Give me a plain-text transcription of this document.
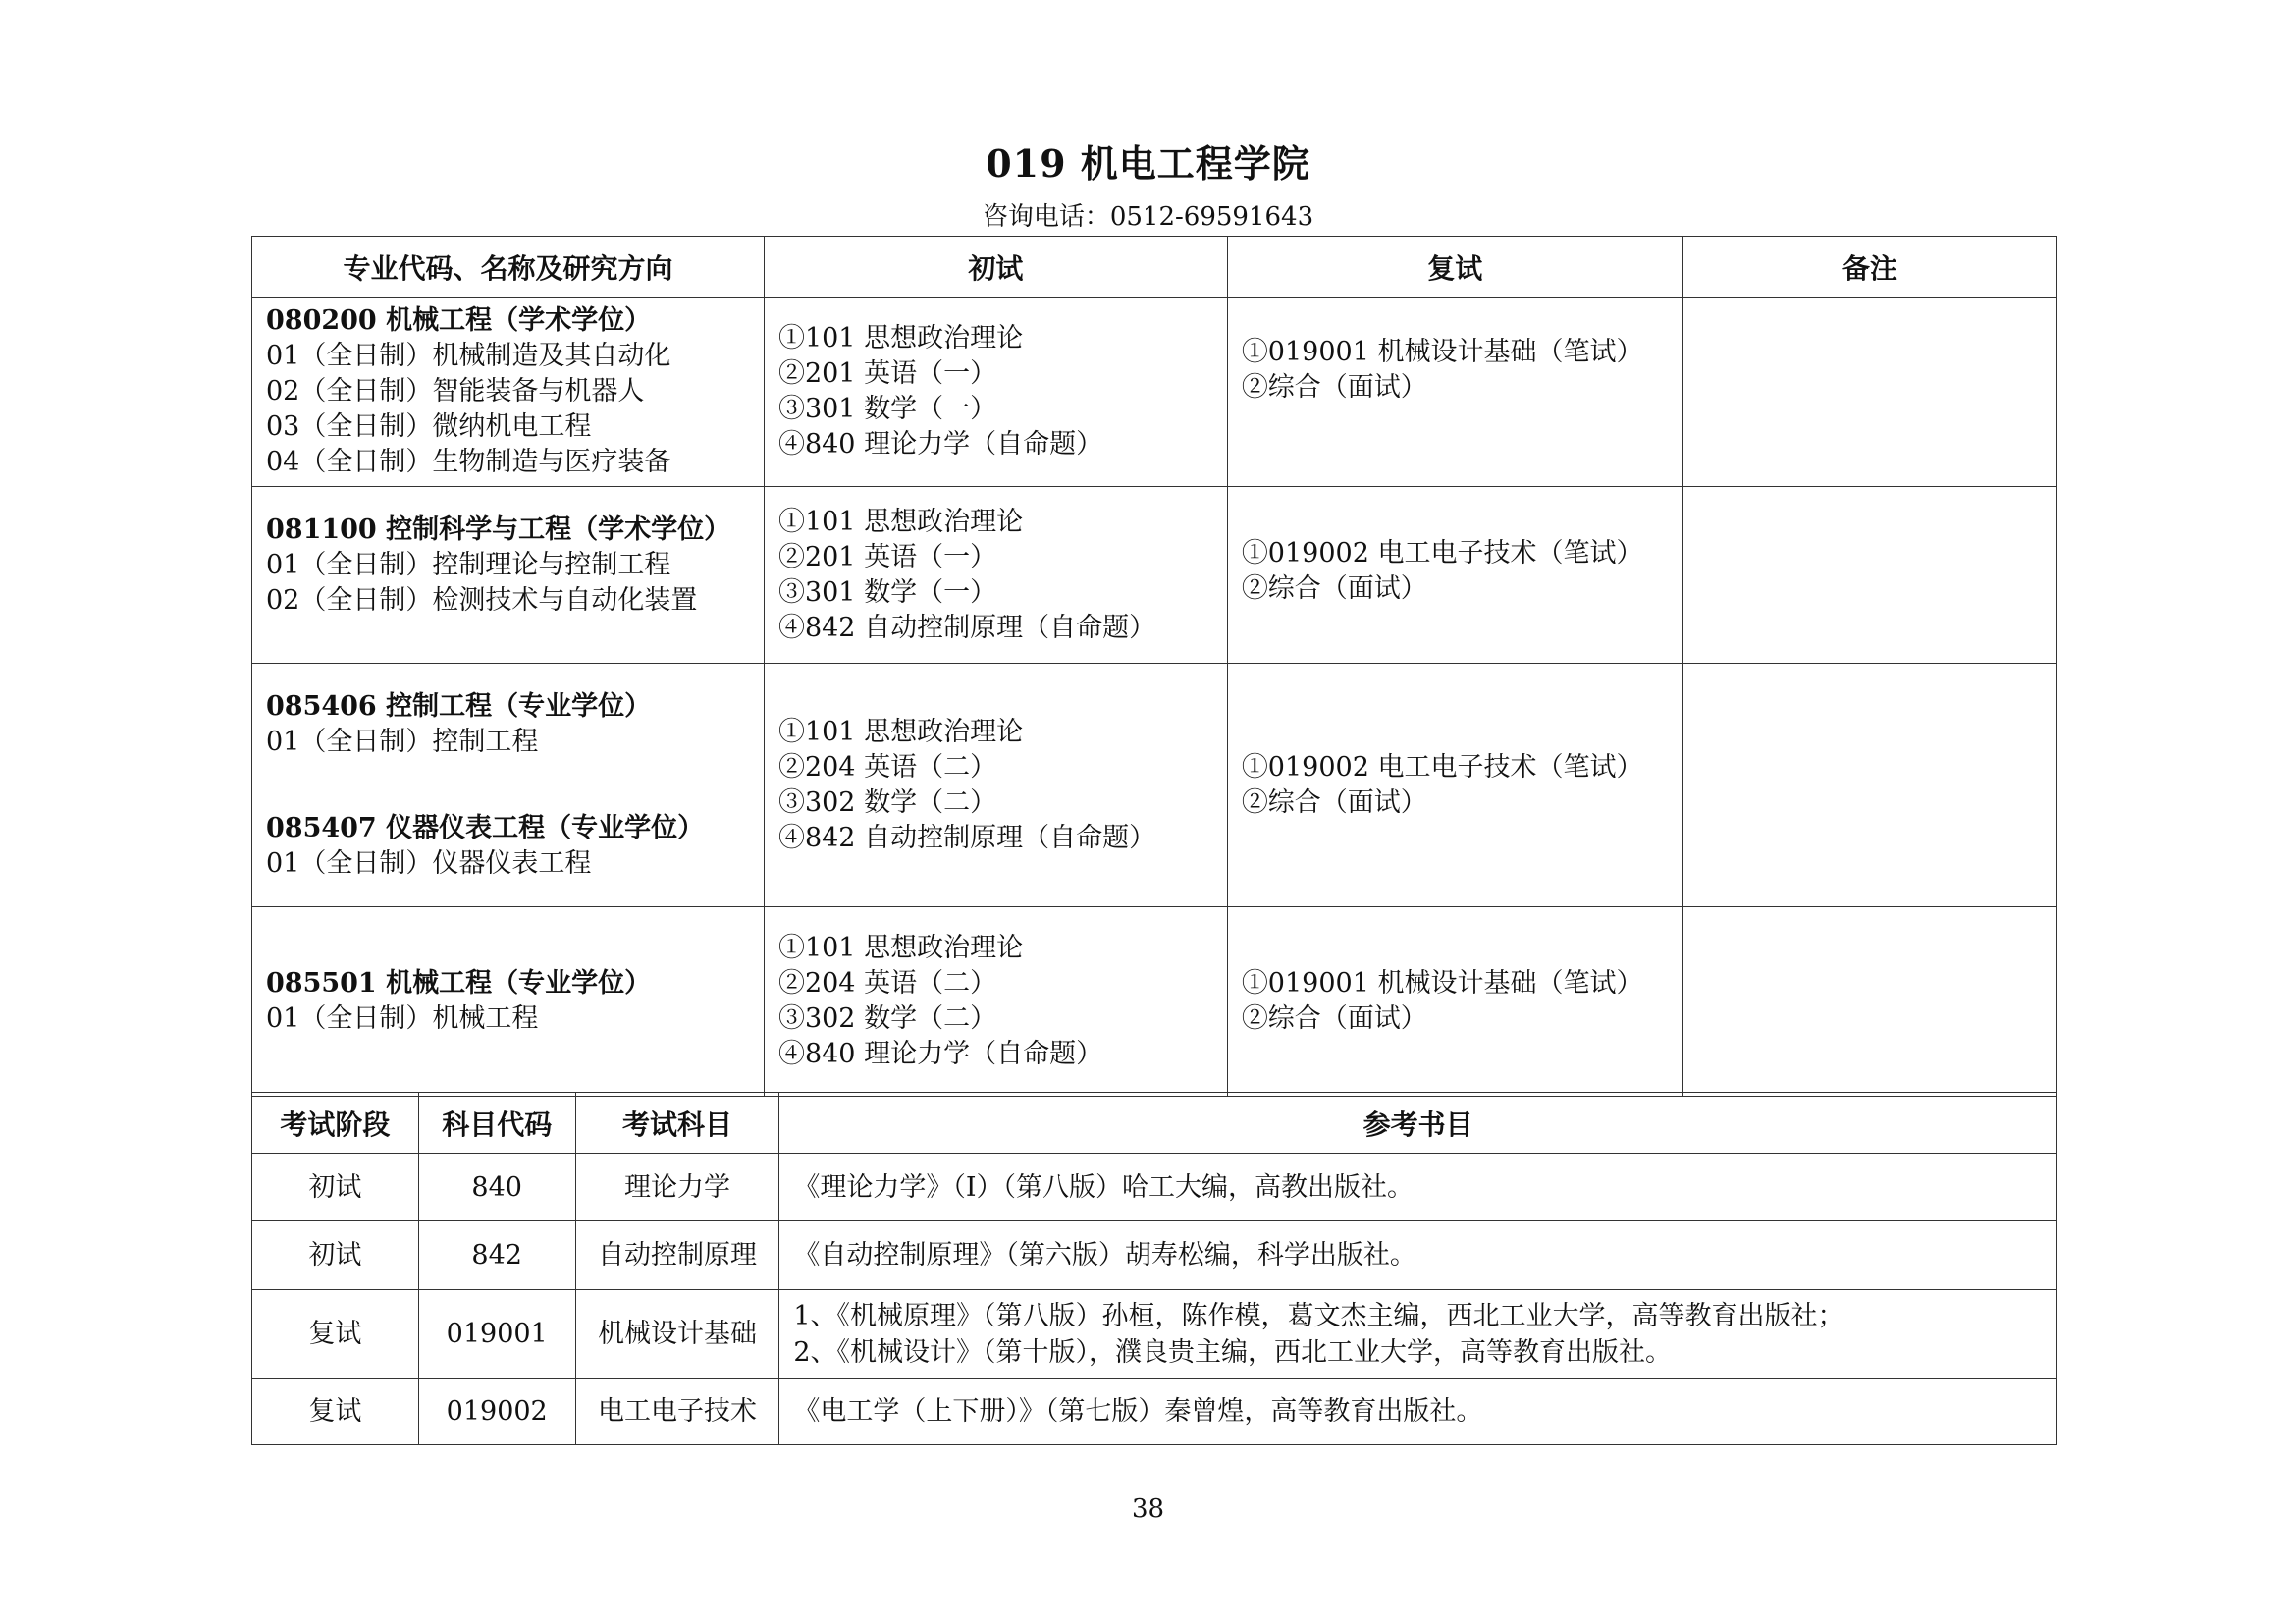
019 机电工程学院
咨询电话：0512-69591643
专业代码、名称及研究方向	初试	复试	备注

080200 机械工程（学术学位）
01（全日制）机械制造及其自动化
02（全日制）智能装备与机器人
03（全日制）微纳机电工程
04（全日制）生物制造与医疗装备	①101 思想政治理论
②201 英语（一）
③301 数学（一）
④840 理论力学（自命题）	①019001 机械设计基础（笔试）
②综合（面试）	

081100 控制科学与工程（学术学位）
01（全日制）控制理论与控制工程
02（全日制）检测技术与自动化装置	①101 思想政治理论
②201 英语（一）
③301 数学（一）
④842 自动控制原理（自命题）	①019002 电工电子技术（笔试）
②综合（面试）	

085406 控制工程（专业学位）
01（全日制）控制工程	①101 思想政治理论
②204 英语（二）
③302 数学（二）
④842 自动控制原理（自命题）	①019002 电工电子技术（笔试）
②综合（面试）	

085407 仪器仪表工程（专业学位）
01（全日制）仪器仪表工程			

085501 机械工程（专业学位）
01（全日制）机械工程	①101 思想政治理论
②204 英语（二）
③302 数学（二）
④840 理论力学（自命题）	①019001 机械设计基础（笔试）
②综合（面试）	

考试阶段	科目代码	考试科目	参考书目
初试	840	理论力学	《理论力学》（I）（第八版）哈工大编，高教出版社。

初试	842	自动控制原理	《自动控制原理》（第六版）胡寿松编，科学出版社。

复试	019001	机械设计基础	1、《机械原理》（第八版）孙桓，陈作模，葛文杰主编，西北工业大学，高等教育出版社；
2、《机械设计》（第十版），濮良贵主编，西北工业大学，高等教育出版社。

复试	019002	电工电子技术	《电工学（上下册）》（第七版）秦曾煌，高等教育出版社。
38
